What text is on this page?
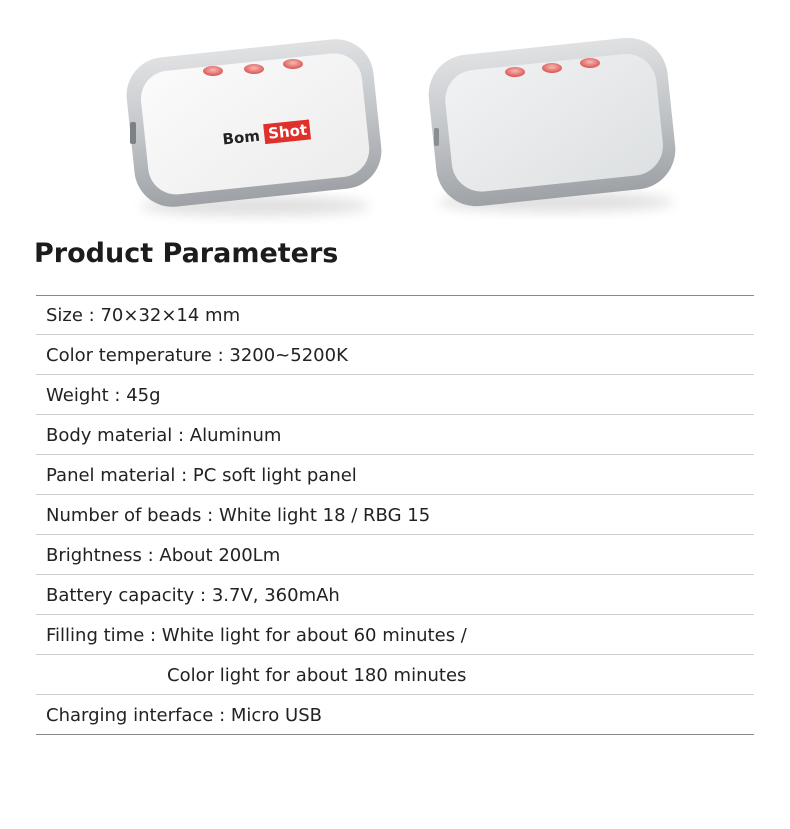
Bom Shot
Product Parameters
Size : 70×32×14 mm
Color temperature : 3200~5200K
Weight : 45g
Body material : Aluminum
Panel material : PC soft light panel
Number of beads : White light 18 / RBG 15
Brightness : About 200Lm
Battery capacity : 3.7V, 360mAh
Filling time : White light for about 60 minutes /
Color light for about 180 minutes
Charging interface : Micro USB
